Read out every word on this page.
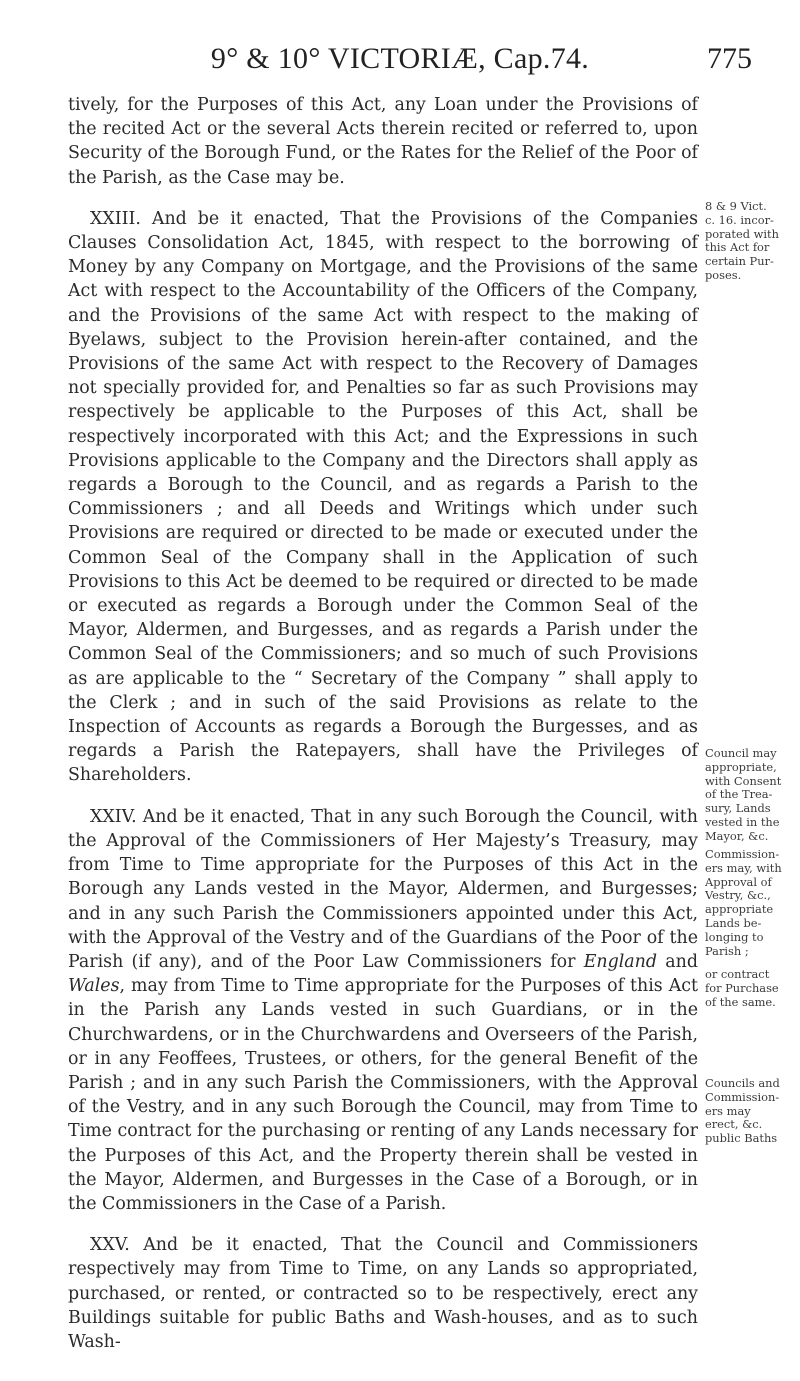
9° & 10° VICTORIÆ, Cap.74.	775

tively, for the Purposes of this Act, any Loan under the Provisions of the recited Act or the several Acts therein recited or referred to, upon Security of the Borough Fund, or the Rates for the Relief of the Poor of the Parish, as the Case may be.

XXIII. And be it enacted, That the Provisions of the Companies Clauses Consolidation Act, 1845, with respect to the borrowing of Money by any Company on Mortgage, and the Provisions of the same Act with respect to the Accountability of the Officers of the Company, and the Provisions of the same Act with respect to the making of Byelaws, subject to the Provision herein-after contained, and the Provisions of the same Act with respect to the Recovery of Damages not specially provided for, and Penalties so far as such Provisions may respectively be applicable to the Purposes of this Act, shall be respectively incorporated with this Act; and the Expressions in such Provisions applicable to the Company and the Directors shall apply as regards a Borough to the Council, and as regards a Parish to the Commissioners ; and all Deeds and Writings which under such Provisions are required or directed to be made or executed under the Common Seal of the Company shall in the Application of such Provisions to this Act be deemed to be required or directed to be made or executed as regards a Borough under the Common Seal of the Mayor, Aldermen, and Burgesses, and as regards a Parish under the Common Seal of the Commissioners; and so much of such Provisions as are applicable to the “ Secretary of the Company ” shall apply to the Clerk ; and in such of the said Provisions as relate to the Inspection of Accounts as regards a Borough the Burgesses, and as regards a Parish the Ratepayers, shall have the Privileges of Shareholders.

XXIV. And be it enacted, That in any such Borough the Council, with the Approval of the Commissioners of Her Majesty’s Treasury, may from Time to Time appropriate for the Purposes of this Act in the Borough any Lands vested in the Mayor, Aldermen, and Burgesses; and in any such Parish the Commissioners appointed under this Act, with the Approval of the Vestry and of the Guardians of the Poor of the Parish (if any), and of the Poor Law Commissioners for England and Wales, may from Time to Time appropriate for the Purposes of this Act in the Parish any Lands vested in such Guardians, or in the Churchwardens, or in the Churchwardens and Overseers of the Parish, or in any Feoffees, Trustees, or others, for the general Benefit of the Parish ; and in any such Parish the Commissioners, with the Approval of the Vestry, and in any such Borough the Council, may from Time to Time contract for the purchasing or renting of any Lands necessary for the Purposes of this Act, and the Property therein shall be vested in the Mayor, Aldermen, and Burgesses in the Case of a Borough, or in the Commissioners in the Case of a Parish.

XXV. And be it enacted, That the Council and Commissioners respectively may from Time to Time, on any Lands so appropriated, purchased, or rented, or contracted so to be respectively, erect any Buildings suitable for public Baths and Wash-houses, and as to such Wash-

8 & 9 Vict.
c. 16. incor-
porated with
this Act for
certain Pur-
poses.
Council may
appropriate,
with Consent
of the Trea-
sury, Lands
vested in the
Mayor, &c.
Commission-
ers may, with
Approval of
Vestry, &c.,
appropriate
Lands be-
longing to
Parish ;
or contract
for Purchase
of the same.
Councils and
Commission-
ers may
erect, &c.
public Baths
